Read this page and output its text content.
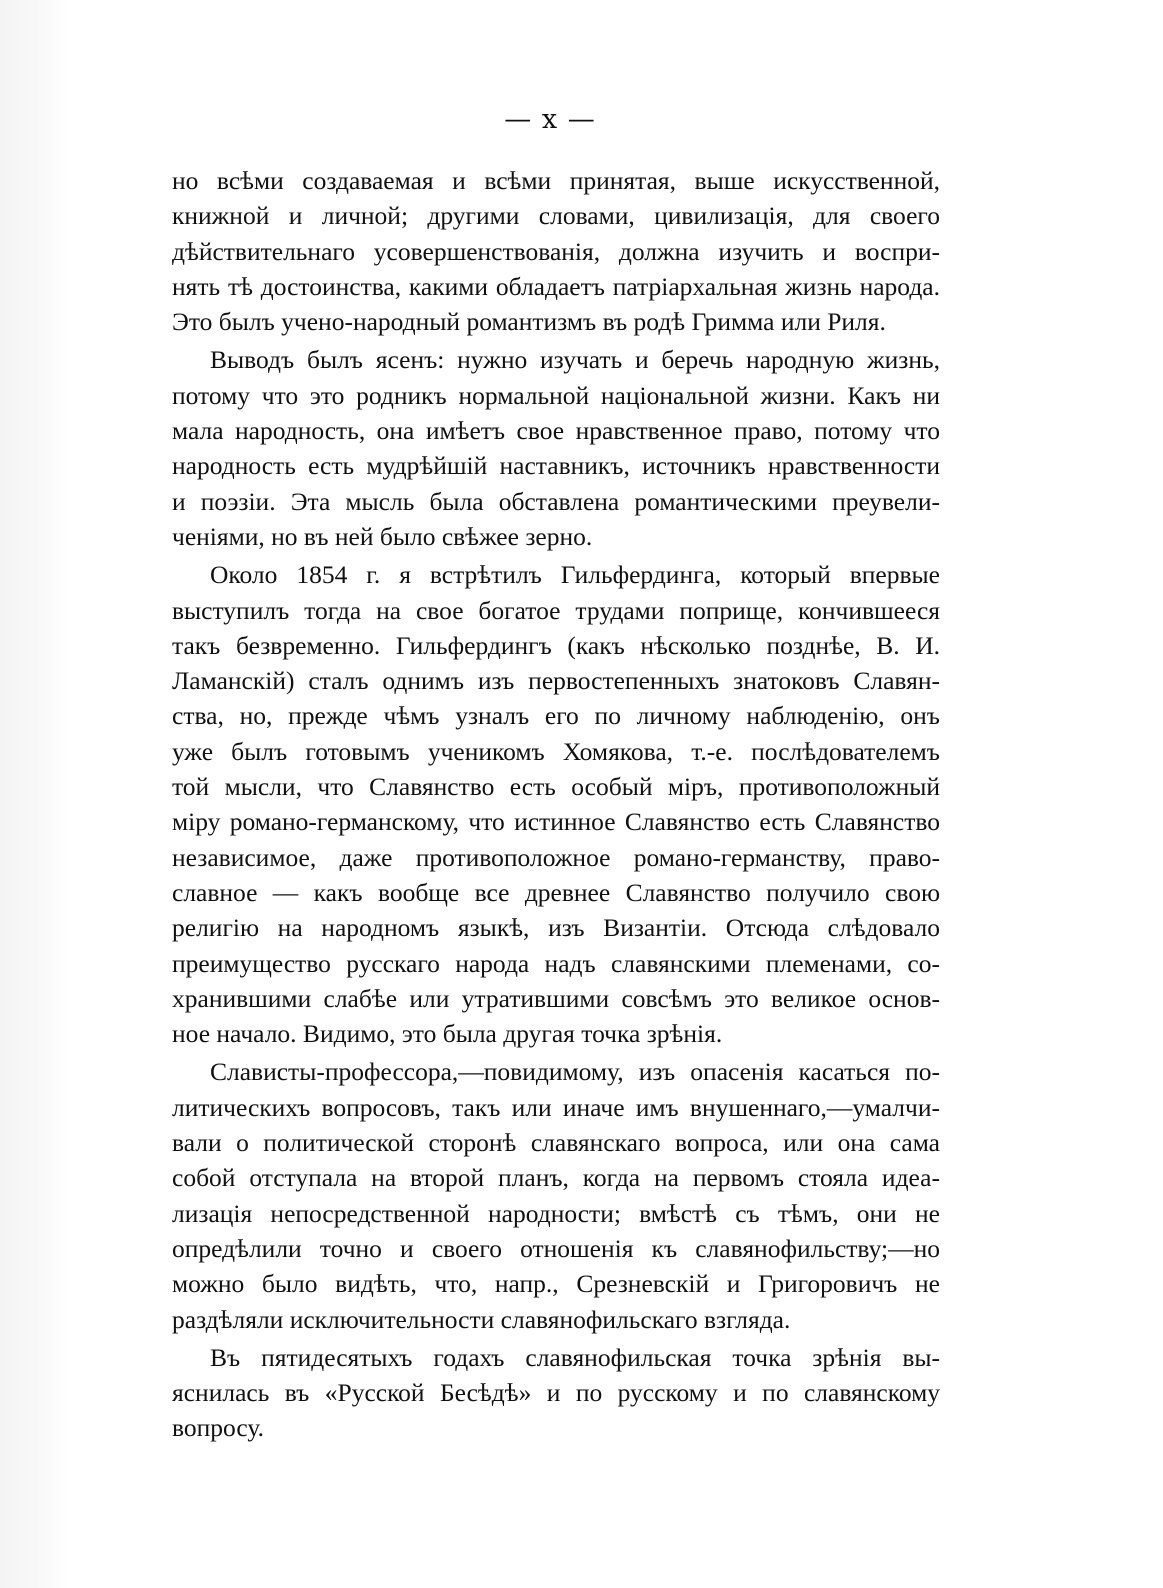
— x —
но всѣми создаваемая и всѣми принятая, выше искусственной,
книжной и личной; другими словами, цивилизація, для своего
дѣйствительнаго усовершенствованія, должна изучить и воспри-
нять тѣ достоинства, какими обладаетъ патріархальная жизнь народа.
Это былъ учено-народный романтизмъ въ родѣ Гримма или Риля.
Выводъ былъ ясенъ: нужно изучать и беречь народную жизнь,
потому что это родникъ нормальной національной жизни. Какъ ни
мала народность, она имѣетъ свое нравственное право, потому что
народность есть мудрѣйшій наставникъ, источникъ нравственности
и поэзіи. Эта мысль была обставлена романтическими преувели-
ченіями, но въ ней было свѣжее зерно.
Около 1854 г. я встрѣтилъ Гильфердинга, который впервые
выступилъ тогда на свое богатое трудами поприще, кончившееся
такъ безвременно. Гильфердингъ (какъ нѣсколько позднѣе, В. И.
Ламанскій) сталъ однимъ изъ первостепенныхъ знатоковъ Славян-
ства, но, прежде чѣмъ узналъ его по личному наблюденію, онъ
уже былъ готовымъ ученикомъ Хомякова, т.-е. послѣдователемъ
той мысли, что Славянство есть особый міръ, противоположный
міру романо-германскому, что истинное Славянство есть Славянство
независимое, даже противоположное романо-германству, право-
славное — какъ вообще все древнее Славянство получило свою
религію на народномъ языкѣ, изъ Византіи. Отсюда слѣдовало
преимущество русскаго народа надъ славянскими племенами, со-
хранившими слабѣе или утратившими совсѣмъ это великое основ-
ное начало. Видимо, это была другая точка зрѣнія.
Слависты-профессора,—повидимому, изъ опасенія касаться по-
литическихъ вопросовъ, такъ или иначе имъ внушеннаго,—умалчи-
вали о политической сторонѣ славянскаго вопроса, или она сама
собой отступала на второй планъ, когда на первомъ стояла идеа-
лизація непосредственной народности; вмѣстѣ съ тѣмъ, они не
опредѣлили точно и своего отношенія къ славянофильству;—но
можно было видѣть, что, напр., Срезневскій и Григоровичъ не
раздѣляли исключительности славянофильскаго взгляда.
Въ пятидесятыхъ годахъ славянофильская точка зрѣнія вы-
яснилась въ «Русской Бесѣдѣ» и по русскому и по славянскому
вопросу.
